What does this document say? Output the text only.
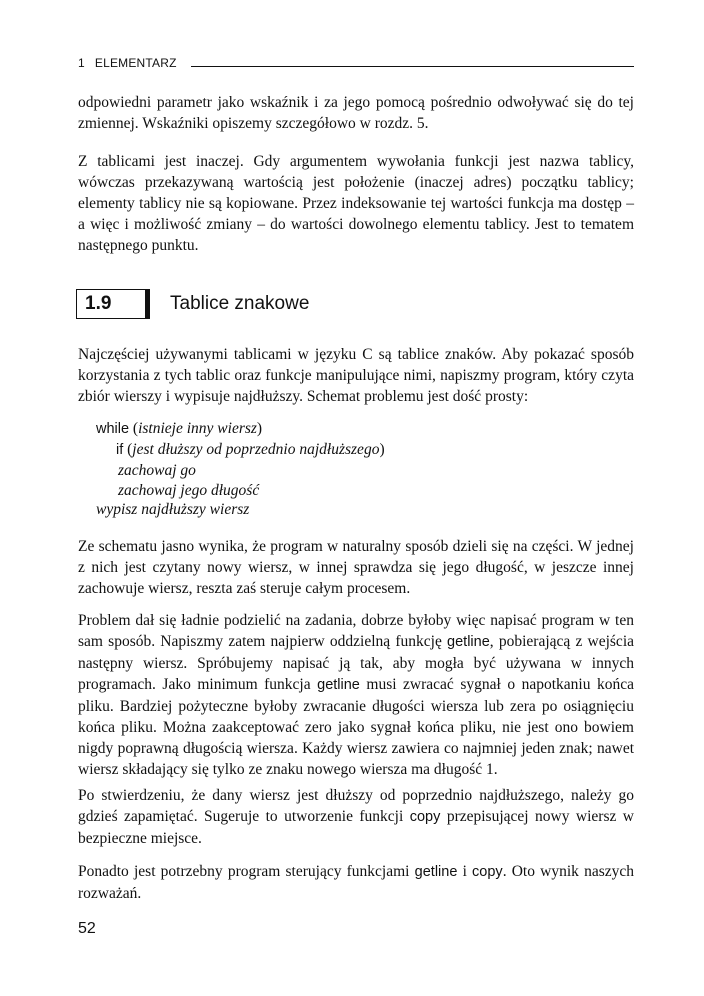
1 ELEMENTARZ

odpowiedni parametr jako wskaźnik i za jego pomocą pośrednio odwoływać się do tej zmiennej. Wskaźniki opiszemy szczegółowo w rozdz. 5.

Z tablicami jest inaczej. Gdy argumentem wywołania funkcji jest nazwa tablicy, wówczas przekazywaną wartością jest położenie (inaczej adres) początku tablicy; elementy tablicy nie są kopiowane. Przez indeksowanie tej wartości funkcja ma dostęp – a więc i możliwość zmiany – do wartości dowolnego elementu tablicy. Jest to tematem następnego punktu.

1.9	Tablice znakowe

Najczęściej używanymi tablicami w języku C są tablice znaków. Aby pokazać sposób korzystania z tych tablic oraz funkcje manipulujące nimi, napiszmy program, który czyta zbiór wierszy i wypisuje najdłuższy. Schemat problemu jest dość prosty:

while (istnieje inny wiersz)
if (jest dłuższy od poprzednio najdłuższego)
zachowaj go
zachowaj jego długość
wypisz najdłuższy wiersz

Ze schematu jasno wynika, że program w naturalny sposób dzieli się na części. W jednej z nich jest czytany nowy wiersz, w innej sprawdza się jego długość, w jeszcze innej zachowuje wiersz, reszta zaś steruje całym procesem.

Problem dał się ładnie podzielić na zadania, dobrze byłoby więc napisać program w ten sam sposób. Napiszmy zatem najpierw oddzielną funkcję getline, pobierającą z wejścia następny wiersz. Spróbujemy napisać ją tak, aby mogła być używana w innych programach. Jako minimum funkcja getline musi zwracać sygnał o napotkaniu końca pliku. Bardziej pożyteczne byłoby zwracanie długości wiersza lub zera po osiągnięciu końca pliku. Można zaakceptować zero jako sygnał końca pliku, nie jest ono bowiem nigdy poprawną długością wiersza. Każdy wiersz zawiera co najmniej jeden znak; nawet wiersz składający się tylko ze znaku nowego wiersza ma długość 1.

Po stwierdzeniu, że dany wiersz jest dłuższy od poprzednio najdłuższego, należy go gdzieś zapamiętać. Sugeruje to utworzenie funkcji copy przepisującej nowy wiersz w bezpieczne miejsce.

Ponadto jest potrzebny program sterujący funkcjami getline i copy. Oto wynik naszych rozważań.

52
